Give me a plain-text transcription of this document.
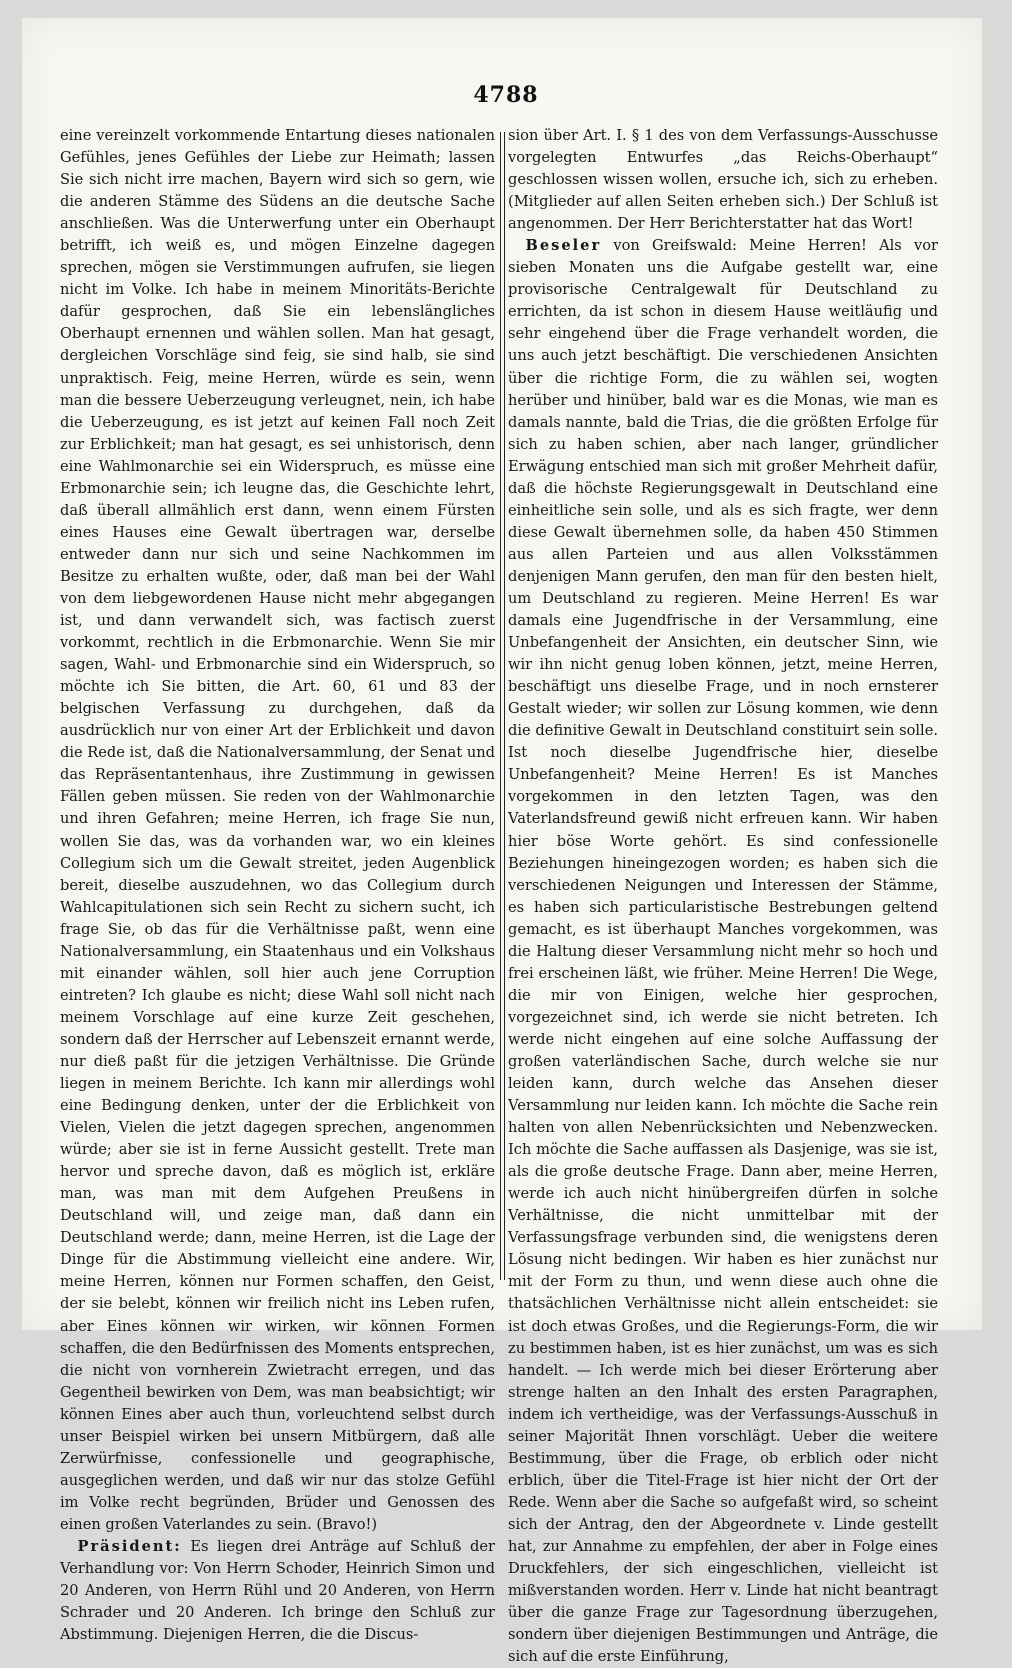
4788

eine vereinzelt vorkommende Entartung dieses nationalen Gefühles, jenes Gefühles der Liebe zur Heimath; lassen Sie sich nicht irre machen, Bayern wird sich so gern, wie die anderen Stämme des Südens an die deutsche Sache anschließen. Was die Unterwerfung unter ein Oberhaupt betrifft, ich weiß es, und mögen Einzelne dagegen sprechen, mögen sie Verstimmungen aufrufen, sie liegen nicht im Volke. Ich habe in meinem Minoritäts-Berichte dafür gesprochen, daß Sie ein lebenslängliches Oberhaupt ernennen und wählen sollen. Man hat gesagt, dergleichen Vorschläge sind feig, sie sind halb, sie sind unpraktisch. Feig, meine Herren, würde es sein, wenn man die bessere Ueberzeugung verleugnet, nein, ich habe die Ueberzeugung, es ist jetzt auf keinen Fall noch Zeit zur Erblichkeit; man hat gesagt, es sei unhistorisch, denn eine Wahlmonarchie sei ein Widerspruch, es müsse eine Erbmonarchie sein; ich leugne das, die Geschichte lehrt, daß überall allmählich erst dann, wenn einem Fürsten eines Hauses eine Gewalt übertragen war, derselbe entweder dann nur sich und seine Nachkommen im Besitze zu erhalten wußte, oder, daß man bei der Wahl von dem liebgewordenen Hause nicht mehr abgegangen ist, und dann verwandelt sich, was factisch zuerst vorkommt, rechtlich in die Erbmonarchie. Wenn Sie mir sagen, Wahl- und Erbmonarchie sind ein Widerspruch, so möchte ich Sie bitten, die Art. 60, 61 und 83 der belgischen Verfassung zu durchgehen, daß da ausdrücklich nur von einer Art der Erblichkeit und davon die Rede ist, daß die Nationalversammlung, der Senat und das Repräsentantenhaus, ihre Zustimmung in gewissen Fällen geben müssen. Sie reden von der Wahlmonarchie und ihren Gefahren; meine Herren, ich frage Sie nun, wollen Sie das, was da vorhanden war, wo ein kleines Collegium sich um die Gewalt streitet, jeden Augenblick bereit, dieselbe auszudehnen, wo das Collegium durch Wahlcapitulationen sich sein Recht zu sichern sucht, ich frage Sie, ob das für die Verhältnisse paßt, wenn eine Nationalversammlung, ein Staatenhaus und ein Volkshaus mit einander wählen, soll hier auch jene Corruption eintreten? Ich glaube es nicht; diese Wahl soll nicht nach meinem Vorschlage auf eine kurze Zeit geschehen, sondern daß der Herrscher auf Lebenszeit ernannt werde, nur dieß paßt für die jetzigen Verhältnisse. Die Gründe liegen in meinem Berichte. Ich kann mir allerdings wohl eine Bedingung denken, unter der die Erblichkeit von Vielen, Vielen die jetzt dagegen sprechen, angenommen würde; aber sie ist in ferne Aussicht gestellt. Trete man hervor und spreche davon, daß es möglich ist, erkläre man, was man mit dem Aufgehen Preußens in Deutschland will, und zeige man, daß dann ein Deutschland werde; dann, meine Herren, ist die Lage der Dinge für die Abstimmung vielleicht eine andere. Wir, meine Herren, können nur Formen schaffen, den Geist, der sie belebt, können wir freilich nicht ins Leben rufen, aber Eines können wir wirken, wir können Formen schaffen, die den Bedürfnissen des Moments entsprechen, die nicht von vornherein Zwietracht erregen, und das Gegentheil bewirken von Dem, was man beabsichtigt; wir können Eines aber auch thun, vorleuchtend selbst durch unser Beispiel wirken bei unsern Mitbürgern, daß alle Zerwürfnisse, confessionelle und geographische, ausgeglichen werden, und daß wir nur das stolze Gefühl im Volke recht begründen, Brüder und Genossen des einen großen Vaterlandes zu sein. (Bravo!)

Präsident: Es liegen drei Anträge auf Schluß der Verhandlung vor: Von Herrn Schoder, Heinrich Simon und 20 Anderen, von Herrn Rühl und 20 Anderen, von Herrn Schrader und 20 Anderen. Ich bringe den Schluß zur Abstimmung. Diejenigen Herren, die die Discus-

sion über Art. I. § 1 des von dem Verfassungs-Ausschusse vorgelegten Entwurfes „das Reichs-Oberhaupt“ geschlossen wissen wollen, ersuche ich, sich zu erheben. (Mitglieder auf allen Seiten erheben sich.) Der Schluß ist angenommen. Der Herr Berichterstatter hat das Wort!

Beseler von Greifswald: Meine Herren! Als vor sieben Monaten uns die Aufgabe gestellt war, eine provisorische Centralgewalt für Deutschland zu errichten, da ist schon in diesem Hause weitläufig und sehr eingehend über die Frage verhandelt worden, die uns auch jetzt beschäftigt. Die verschiedenen Ansichten über die richtige Form, die zu wählen sei, wogten herüber und hinüber, bald war es die Monas, wie man es damals nannte, bald die Trias, die die größten Erfolge für sich zu haben schien, aber nach langer, gründlicher Erwägung entschied man sich mit großer Mehrheit dafür, daß die höchste Regierungsgewalt in Deutschland eine einheitliche sein solle, und als es sich fragte, wer denn diese Gewalt übernehmen solle, da haben 450 Stimmen aus allen Parteien und aus allen Volksstämmen denjenigen Mann gerufen, den man für den besten hielt, um Deutschland zu regieren. Meine Herren! Es war damals eine Jugendfrische in der Versammlung, eine Unbefangenheit der Ansichten, ein deutscher Sinn, wie wir ihn nicht genug loben können, jetzt, meine Herren, beschäftigt uns dieselbe Frage, und in noch ernsterer Gestalt wieder; wir sollen zur Lösung kommen, wie denn die definitive Gewalt in Deutschland constituirt sein solle. Ist noch dieselbe Jugendfrische hier, dieselbe Unbefangenheit? Meine Herren! Es ist Manches vorgekommen in den letzten Tagen, was den Vaterlandsfreund gewiß nicht erfreuen kann. Wir haben hier böse Worte gehört. Es sind confessionelle Beziehungen hineingezogen worden; es haben sich die verschiedenen Neigungen und Interessen der Stämme, es haben sich particularistische Bestrebungen geltend gemacht, es ist überhaupt Manches vorgekommen, was die Haltung dieser Versammlung nicht mehr so hoch und frei erscheinen läßt, wie früher. Meine Herren! Die Wege, die mir von Einigen, welche hier gesprochen, vorgezeichnet sind, ich werde sie nicht betreten. Ich werde nicht eingehen auf eine solche Auffassung der großen vaterländischen Sache, durch welche sie nur leiden kann, durch welche das Ansehen dieser Versammlung nur leiden kann. Ich möchte die Sache rein halten von allen Nebenrücksichten und Nebenzwecken. Ich möchte die Sache auffassen als Dasjenige, was sie ist, als die große deutsche Frage. Dann aber, meine Herren, werde ich auch nicht hinübergreifen dürfen in solche Verhältnisse, die nicht unmittelbar mit der Verfassungsfrage verbunden sind, die wenigstens deren Lösung nicht bedingen. Wir haben es hier zunächst nur mit der Form zu thun, und wenn diese auch ohne die thatsächlichen Verhältnisse nicht allein entscheidet: sie ist doch etwas Großes, und die Regierungs-Form, die wir zu bestimmen haben, ist es hier zunächst, um was es sich handelt. — Ich werde mich bei dieser Erörterung aber strenge halten an den Inhalt des ersten Paragraphen, indem ich vertheidige, was der Verfassungs-Ausschuß in seiner Majorität Ihnen vorschlägt. Ueber die weitere Bestimmung, über die Frage, ob erblich oder nicht erblich, über die Titel-Frage ist hier nicht der Ort der Rede. Wenn aber die Sache so aufgefaßt wird, so scheint sich der Antrag, den der Abgeordnete v. Linde gestellt hat, zur Annahme zu empfehlen, der aber in Folge eines Druckfehlers, der sich eingeschlichen, vielleicht ist mißverstanden worden. Herr v. Linde hat nicht beantragt über die ganze Frage zur Tagesordnung überzugehen, sondern über diejenigen Bestimmungen und Anträge, die sich auf die erste Einführung,
